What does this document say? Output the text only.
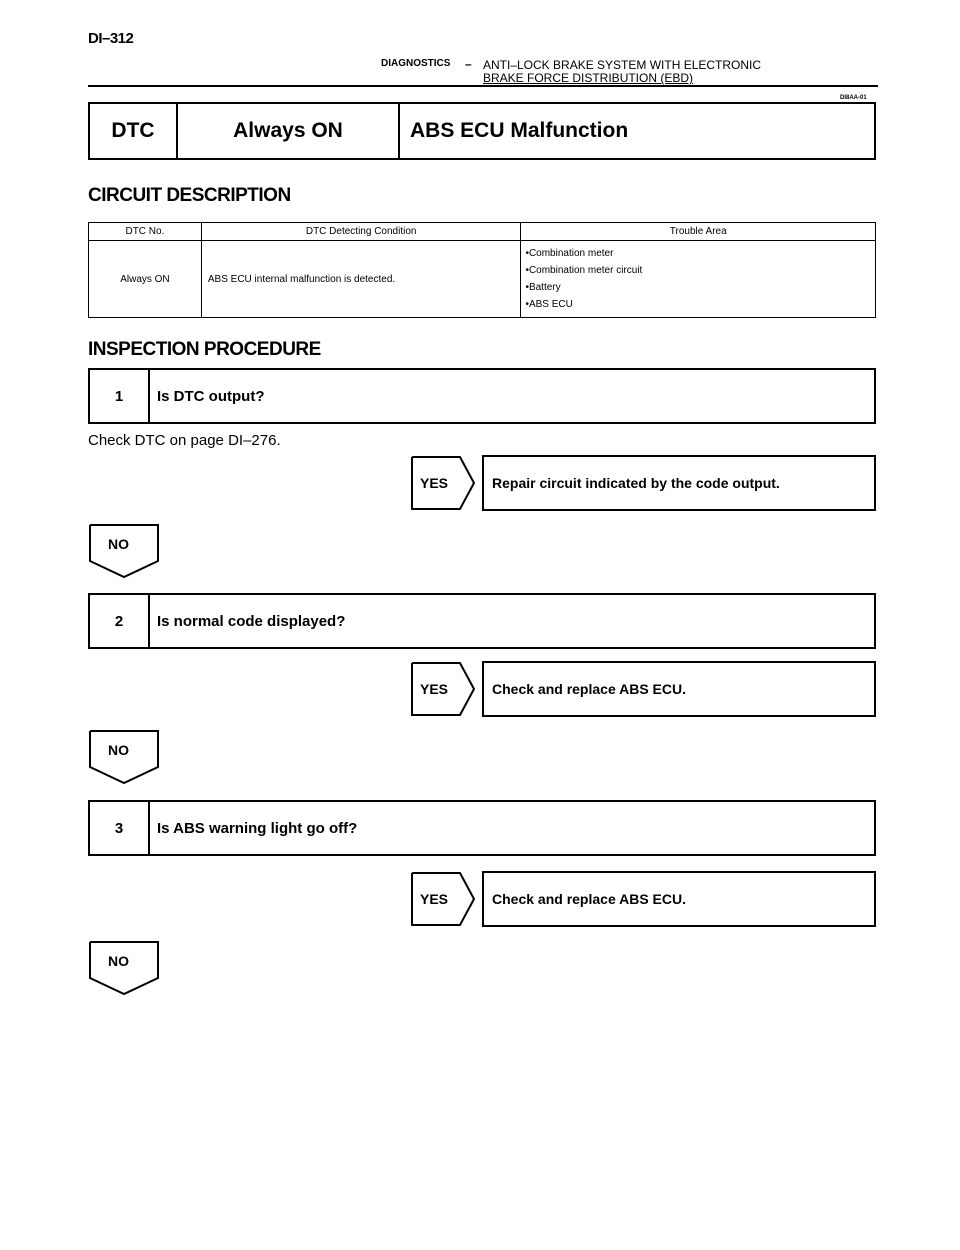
DI–312
DIAGNOSTICS – ANTI–LOCK BRAKE SYSTEM WITH ELECTRONIC
BRAKE FORCE DISTRIBUTION (EBD)
DI8AA-01
DTC	Always ON	ABS ECU Malfunction
CIRCUIT DESCRIPTION
DTC No.	DTC Detecting Condition	Trouble Area
Always ON	ABS ECU internal malfunction is detected.	•Combination meter
•Combination meter circuit
•Battery
•ABS ECU
INSPECTION PROCEDURE
1	Is DTC output?
Check DTC on page DI–276.
YES	Repair circuit indicated by the code output.
NO
2	Is normal code displayed?
YES	Check and replace ABS ECU.
NO
3	Is ABS warning light go off?
YES	Check and replace ABS ECU.
NO
